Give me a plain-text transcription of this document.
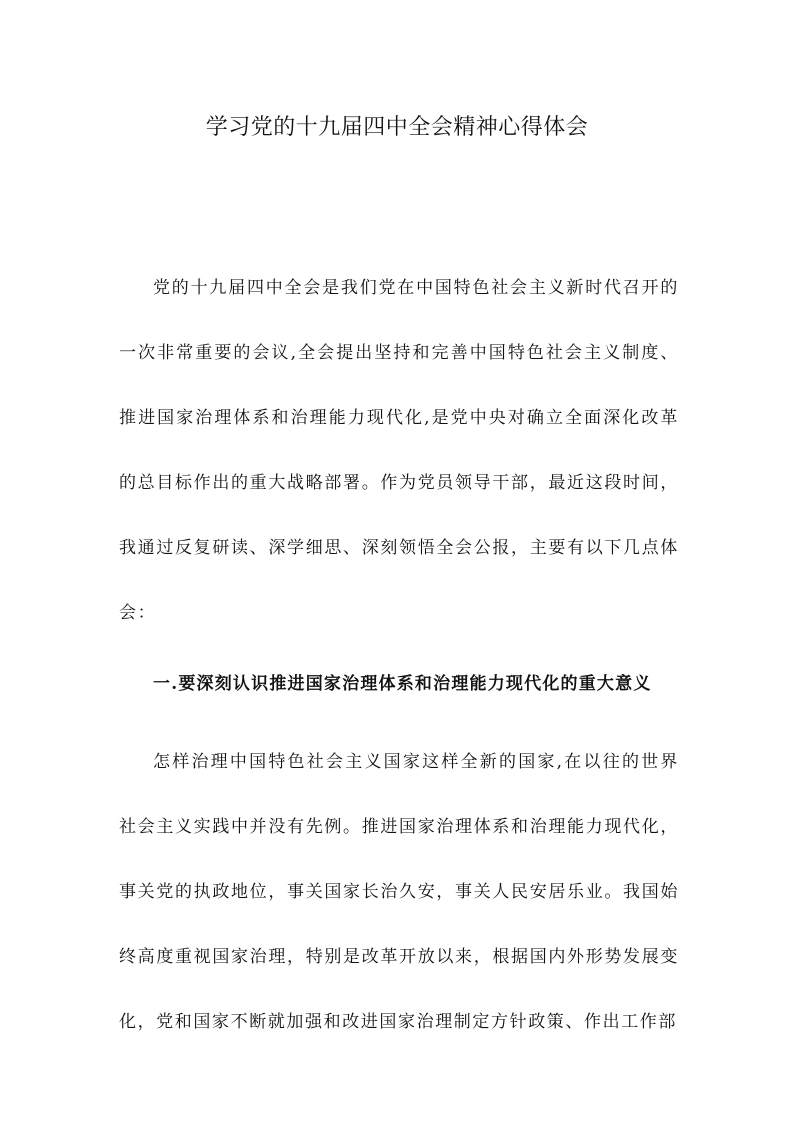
学习党的十九届四中全会精神心得体会

党的十九届四中全会是我们党在中国特色社会主义新时代召开的一次非常重要的会议,全会提出坚持和完善中国特色社会主义制度、推进国家治理体系和治理能力现代化,是党中央对确立全面深化改革的总目标作出的重大战略部署。作为党员领导干部，最近这段时间，我通过反复研读、深学细思、深刻领悟全会公报，主要有以下几点体会：

一.要深刻认识推进国家治理体系和治理能力现代化的重大意义

怎样治理中国特色社会主义国家这样全新的国家,在以往的世界社会主义实践中并没有先例。推进国家治理体系和治理能力现代化，事关党的执政地位，事关国家长治久安，事关人民安居乐业。我国始终高度重视国家治理，特别是改革开放以来，根据国内外形势发展变化，党和国家不断就加强和改进国家治理制定方针政策、作出工作部
